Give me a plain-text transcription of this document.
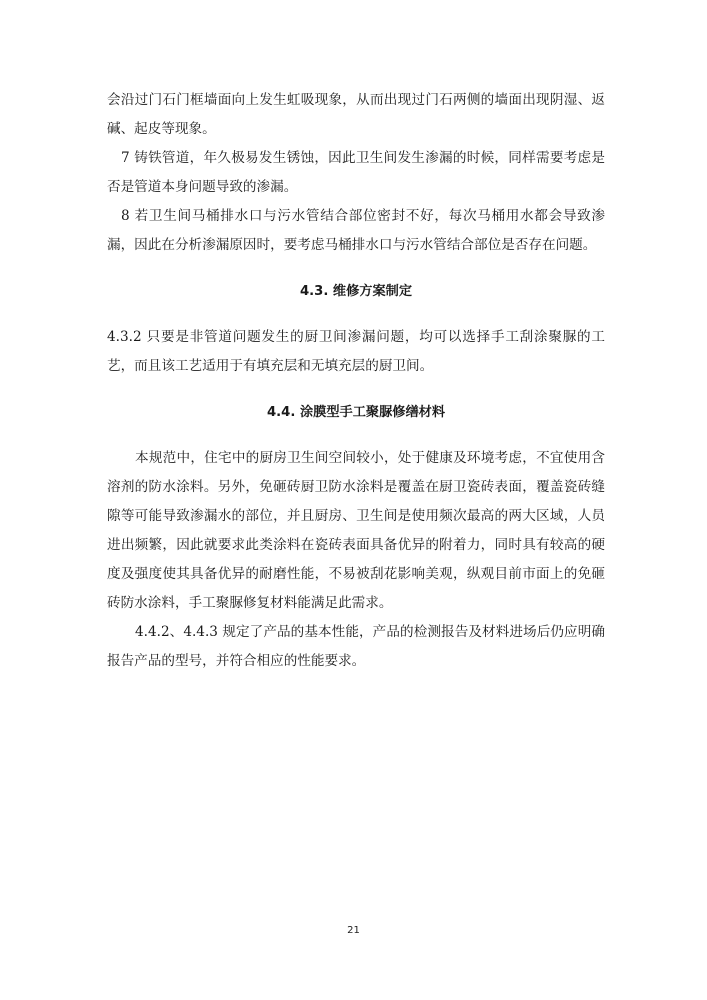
会沿过门石门框墙面向上发生虹吸现象，从而出现过门石两侧的墙面出现阴湿、返碱、起皮等现象。

7 铸铁管道，年久极易发生锈蚀，因此卫生间发生渗漏的时候，同样需要考虑是否是管道本身问题导致的渗漏。

8 若卫生间马桶排水口与污水管结合部位密封不好，每次马桶用水都会导致渗漏，因此在分析渗漏原因时，要考虑马桶排水口与污水管结合部位是否存在问题。

4.3. 维修方案制定

4.3.2 只要是非管道问题发生的厨卫间渗漏问题，均可以选择手工刮涂聚脲的工艺，而且该工艺适用于有填充层和无填充层的厨卫间。

4.4. 涂膜型手工聚脲修缮材料

本规范中，住宅中的厨房卫生间空间较小，处于健康及环境考虑，不宜使用含溶剂的防水涂料。另外，免砸砖厨卫防水涂料是覆盖在厨卫瓷砖表面，覆盖瓷砖缝隙等可能导致渗漏水的部位，并且厨房、卫生间是使用频次最高的两大区域，人员进出频繁，因此就要求此类涂料在瓷砖表面具备优异的附着力，同时具有较高的硬度及强度使其具备优异的耐磨性能，不易被刮花影响美观，纵观目前市面上的免砸砖防水涂料，手工聚脲修复材料能满足此需求。

4.4.2、4.4.3 规定了产品的基本性能，产品的检测报告及材料进场后仍应明确报告产品的型号，并符合相应的性能要求。

21
